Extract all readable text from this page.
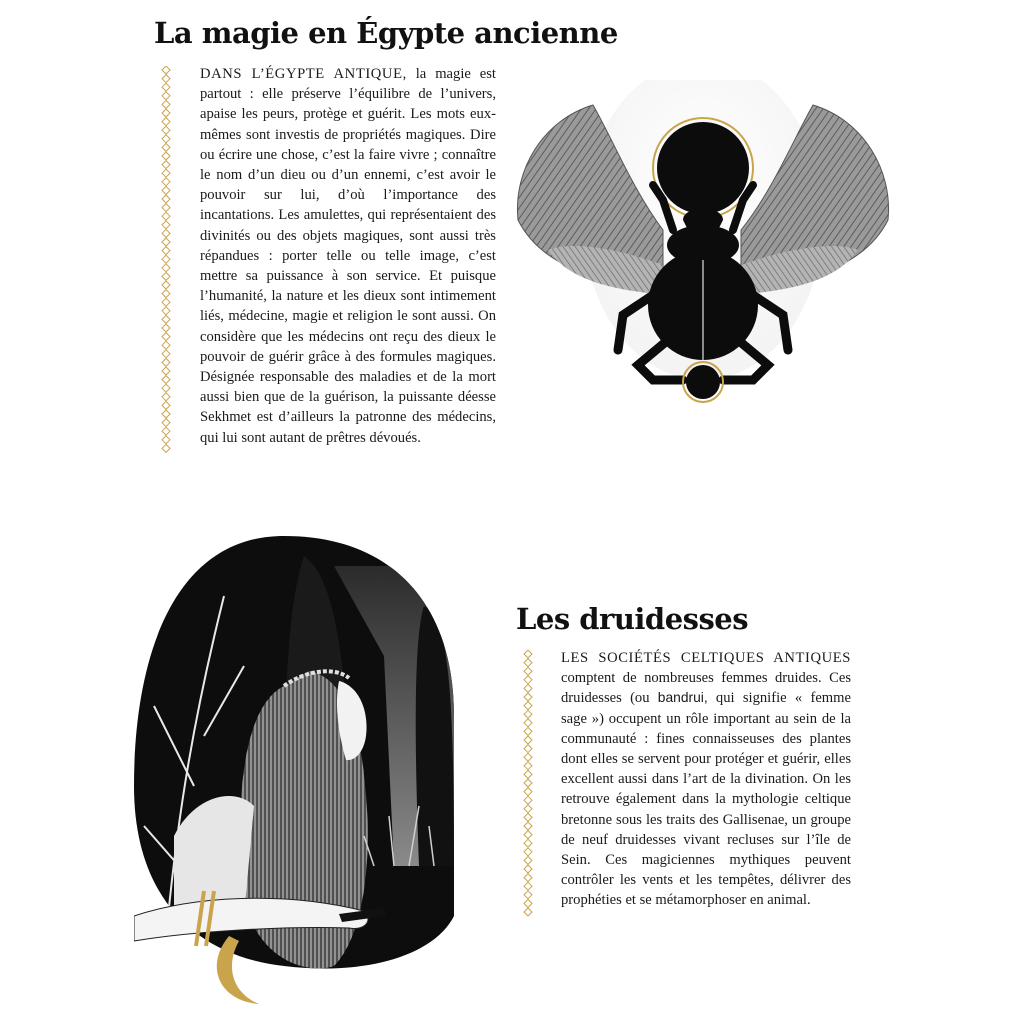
La magie en Égypte ancienne

DANS L’ÉGYPTE ANTIQUE, la magie est partout : elle préserve l’équilibre de l’univers, apaise les peurs, protège et guérit. Les mots eux-mêmes sont investis de propriétés magiques. Dire ou écrire une chose, c’est la faire vivre ; connaître le nom d’un dieu ou d’un ennemi, c’est avoir le pouvoir sur lui, d’où l’importance des incantations. Les amulettes, qui représentaient des divinités ou des objets magiques, sont aussi très répandues : porter telle ou telle image, c’est mettre sa puissance à son service. Et puisque l’humanité, la nature et les dieux sont intimement liés, médecine, magie et religion le sont aussi. On considère que les médecins ont reçu des dieux le pouvoir de guérir grâce à des formules magiques. Désignée responsable des maladies et de la mort aussi bien que de la guérison, la puissante déesse Sekhmet est d’ailleurs la patronne des médecins, qui lui sont autant de prêtres dévoués.

Les druidesses

LES SOCIÉTÉS CELTIQUES ANTIQUES comptent de nombreuses femmes druides. Ces druidesses (ou bandrui, qui signifie « femme sage ») occupent un rôle important au sein de la communauté : fines connaisseuses des plantes dont elles se servent pour protéger et guérir, elles excellent aussi dans l’art de la divination. On les retrouve également dans la mythologie celtique bretonne sous les traits des Gallisenae, un groupe de neuf druidesses vivant recluses sur l’île de Sein. Ces magiciennes mythiques peuvent contrôler les vents et les tempêtes, délivrer des prophéties et se métamorphoser en animal.
